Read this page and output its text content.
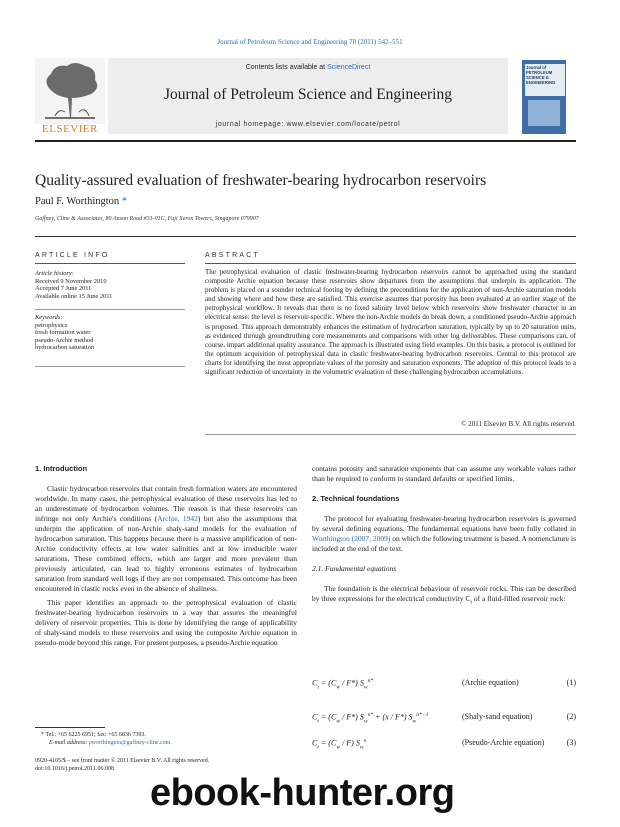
Journal of Petroleum Science and Engineering 78 (2011) 542–551
ELSEVIER
Contents lists available at ScienceDirect
Journal of Petroleum Science and Engineering
journal homepage: www.elsevier.com/locate/petrol
Journal of
PETROLEUM
SCIENCE &
ENGINEERING
Quality-assured evaluation of freshwater-bearing hydrocarbon reservoirs
Paul F. Worthington *
Gaffney, Cline & Associates, 80 Anson Road #31-01C, Fuji Xerox Towers, Singapore 079907
ARTICLE INFO
Article history:
Received 9 November 2010
Accepted 7 June 2011
Available online 15 June 2011
Keywords:
petrophysics
fresh formation water
pseudo-Archie method
hydrocarbon saturation
ABSTRACT
The petrophysical evaluation of clastic freshwater-bearing hydrocarbon reservoirs cannot be approached using the standard composite Archie equation because these reservoirs show departures from the assumptions that underpin its application. The problem is placed on a sounder technical footing by defining the preconditions for the application of non-Archie saturation models and showing where and how these are satisfied. This exercise assumes that porosity has been evaluated at an earlier stage of the petrophysical workflow. It reveals that there is no fixed salinity level below which reservoirs show freshwater character in an electrical sense: the level is reservoir-specific. Where the non-Archie models do break down, a conditioned pseudo-Archie approach is proposed. This approach demonstrably enhances the estimation of hydrocarbon saturation, typically by up to 20 saturation units, as evidenced through groundtruthing core measurements and comparisons with other log deliverables. These comparisons can, of course, impart additional quality assurance. The approach is illustrated using field examples. On this basis, a protocol is outlined for the optimum acquisition of petrophysical data in clastic freshwater-bearing hydrocarbon reservoirs. Central to this protocol are charts for identifying the most appropriate values of the porosity and saturation exponents. The adoption of this protocol leads to a significant reduction of uncertainty in the volumetric evaluation of these challenging hydrocarbon accumulations.
© 2011 Elsevier B.V. All rights reserved.
1. Introduction

Clastic hydrocarbon reservoirs that contain fresh formation waters are encountered worldwide. In many cases, the petrophysical evaluation of these reservoirs has led to an underestimate of hydrocarbon volumes. The reason is that these reservoirs can infringe not only Archie's conditions (Archie, 1942) but also the assumptions that underpin the application of non-Archie shaly-sand models for the evaluation of hydrocarbon saturation. This happens because there is a massive amplification of non-Archie conductivity effects at low water salinities and at low irreducible water saturations. These combined effects, which are larger and more prevalent than previously articulated, can lead to highly erroneous estimates of hydrocarbon saturation from standard well logs if they are not compensated. This outcome has been encountered in clastic rocks even in the absence of shaliness.

This paper identifies an approach to the petrophysical evaluation of clastic freshwater-bearing hydrocarbon reservoirs in a way that assures the meaningful delivery of reservoir properties. This is done by identifying the range of applicability of shaly-sand models to these reservoirs and using the composite Archie equation in pseudo-mode beyond this range. For present purposes, a pseudo-Archie equation

contains porosity and saturation exponents that can assume any workable values rather than be required to conform to standard defaults or specified limits.

2. Technical foundations

The protocol for evaluating freshwater-bearing hydrocarbon reservoirs is governed by several defining equations. The fundamental equations have been fully collated in Worthington (2007, 2009) on which the following treatment is based. A nomenclature is included at the end of the text.

2.1. Fundamental equations

The foundation is the electrical behaviour of reservoir rocks. This can be described by three expressions for the electrical conductivity $C_t$ of a fluid-filled reservoir rock:

$C_t = (C_w / F*)$ $S_w^{n*}$	(Archie equation)	(1)
$C_t = (C_w / F*) S_w^{n*} + (x / F*)$ $S_w^{n*-1}$	(Shaly-sand equation)	(2)
$C_t = (C_w / F)$ $S_w^n$	(Pseudo-Archie equation)	(3)
* Tel.: +65 6225 6951; fax: +65 6836 7393.
E-mail address: pworthington@gaffney-cline.com.
0920-4105/$ – see front matter © 2011 Elsevier B.V. All rights reserved.
doi:10.1016/j.petrol.2011.06.008
ebook-hunter.org
